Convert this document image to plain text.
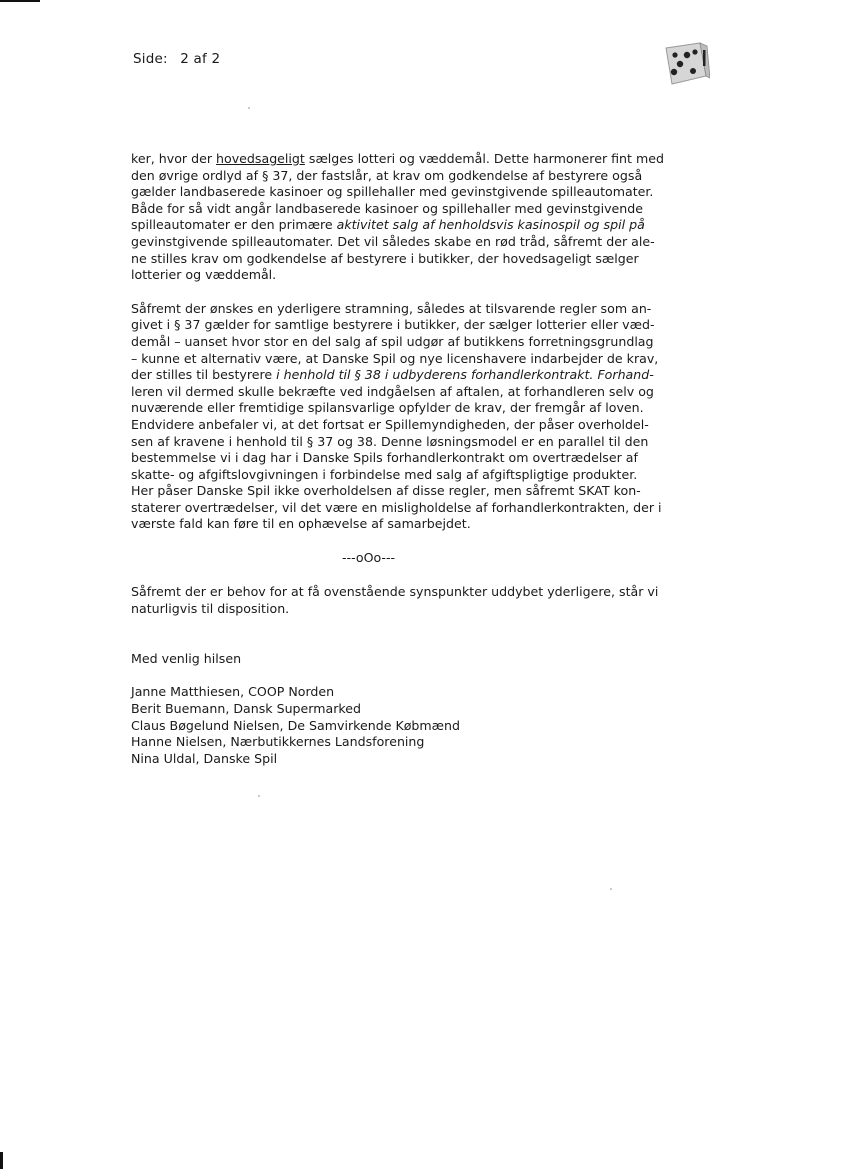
Side: 2 af 2
ker, hvor der hovedsageligt sælges lotteri og væddemål. Dette harmonerer fint med
den øvrige ordlyd af § 37, der fastslår, at krav om godkendelse af bestyrere også
gælder landbaserede kasinoer og spillehaller med gevinstgivende spilleautomater.
Både for så vidt angår landbaserede kasinoer og spillehaller med gevinstgivende
spilleautomater er den primære aktivitet salg af henholdsvis kasinospil og spil på
gevinstgivende spilleautomater. Det vil således skabe en rød tråd, såfremt der ale-
ne stilles krav om godkendelse af bestyrere i butikker, der hovedsageligt sælger
lotterier og væddemål.
Såfremt der ønskes en yderligere stramning, således at tilsvarende regler som an-
givet i § 37 gælder for samtlige bestyrere i butikker, der sælger lotterier eller væd-
demål – uanset hvor stor en del salg af spil udgør af butikkens forretningsgrundlag
– kunne et alternativ være, at Danske Spil og nye licenshavere indarbejder de krav,
der stilles til bestyrere i henhold til § 38 i udbyderens forhandlerkontrakt. Forhand-
leren vil dermed skulle bekræfte ved indgåelsen af aftalen, at forhandleren selv og
nuværende eller fremtidige spilansvarlige opfylder de krav, der fremgår af loven.
Endvidere anbefaler vi, at det fortsat er Spillemyndigheden, der påser overholdel-
sen af kravene i henhold til § 37 og 38. Denne løsningsmodel er en parallel til den
bestemmelse vi i dag har i Danske Spils forhandlerkontrakt om overtrædelser af
skatte- og afgiftslovgivningen i forbindelse med salg af afgiftspligtige produkter.
Her påser Danske Spil ikke overholdelsen af disse regler, men såfremt SKAT kon-
staterer overtrædelser, vil det være en misligholdelse af forhandlerkontrakten, der i
værste fald kan føre til en ophævelse af samarbejdet.
---oOo---
Såfremt der er behov for at få ovenstående synspunkter uddybet yderligere, står vi
naturligvis til disposition.
Med venlig hilsen
Janne Matthiesen, COOP Norden
Berit Buemann, Dansk Supermarked
Claus Bøgelund Nielsen, De Samvirkende Købmænd
Hanne Nielsen, Nærbutikkernes Landsforening
Nina Uldal, Danske Spil
